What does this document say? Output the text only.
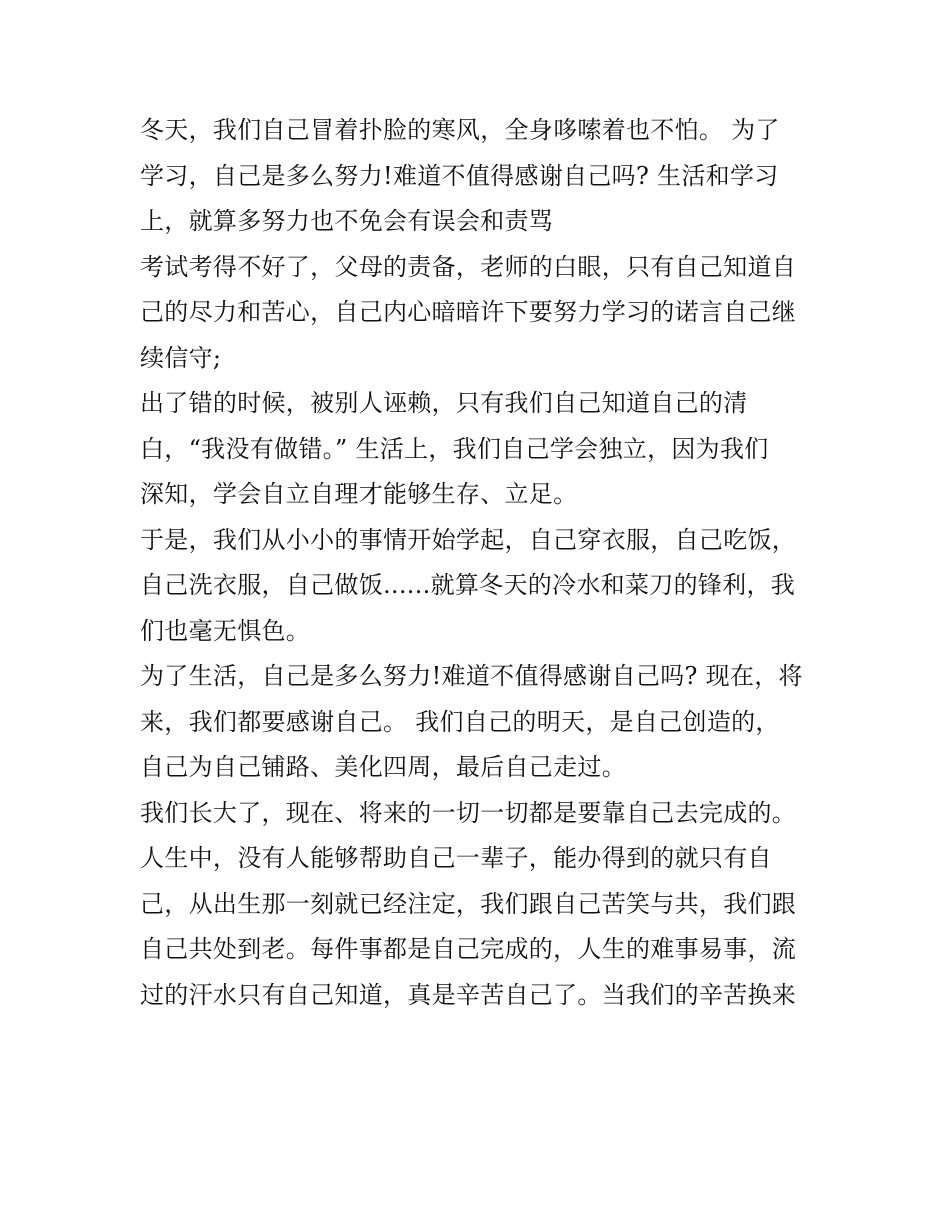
冬天，我们自己冒着扑脸的寒风，全身哆嗦着也不怕。 为了
学习，自己是多么努力!难道不值得感谢自己吗? 生活和学习
上，就算多努力也不免会有误会和责骂
考试考得不好了，父母的责备，老师的白眼，只有自己知道自
己的尽力和苦心，自己内心暗暗许下要努力学习的诺言自己继
续信守;
出了错的时候，被别人诬赖，只有我们自己知道自己的清
白，“我没有做错。” 生活上，我们自己学会独立，因为我们
深知，学会自立自理才能够生存、立足。
于是，我们从小小的事情开始学起，自己穿衣服，自己吃饭，
自己洗衣服，自己做饭......就算冬天的冷水和菜刀的锋利，我
们也毫无惧色。
为了生活，自己是多么努力!难道不值得感谢自己吗? 现在，将
来，我们都要感谢自己。 我们自己的明天，是自己创造的，
自己为自己铺路、美化四周，最后自己走过。
我们长大了，现在、将来的一切一切都是要靠自己去完成的。
人生中，没有人能够帮助自己一辈子，能办得到的就只有自
己，从出生那一刻就已经注定，我们跟自己苦笑与共，我们跟
自己共处到老。每件事都是自己完成的，人生的难事易事，流
过的汗水只有自己知道，真是辛苦自己了。当我们的辛苦换来
